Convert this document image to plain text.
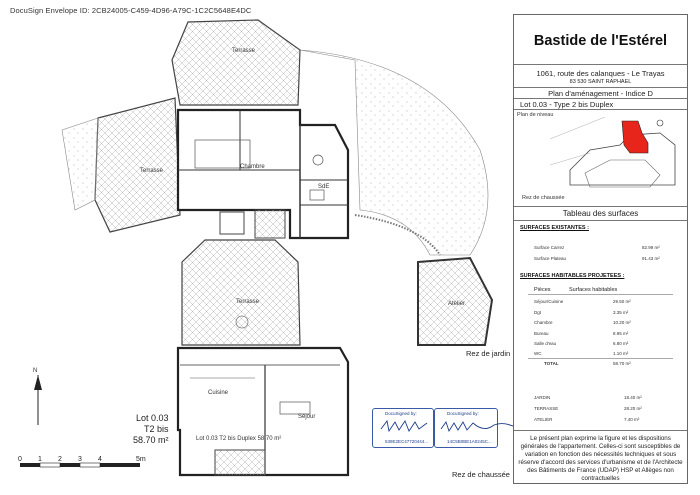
DocuSign Envelope ID: 2CB24005-C459-4D96-A79C-1C2C5648E4DC
Terrasse
Terrasse
Chambre
SdE
Terrasse	Atelier
Cuisine
Séjour
Lot 0.03 T2 bis Duplex 58.70 m²
N
0 1 2 3 4	5m
Lot 0.03
T2 bis
58.70 m²
Rez de jardin
Rez de chaussée
DocuSigned by:
539E2EC47720444...
DocuSigned by:
14C5B0BE1A0245C...
Bastide de l'Estérel
1061, route des calanques - Le Trayas
83 530 SAINT RAPHAEL
Plan d'aménagement - Indice D
Lot 0.03 - Type 2 bis Duplex
Plan de niveau
Rez de chaussée
Tableau des surfaces
SURFACES EXISTANTES :
Surface Carrez	82.99 m²
Surface Plateau	91.43 m²
SURFACES HABITABLES PROJETEES :
Pièces	Surfaces habitables
Séjour/Cuisine	29.50 m²
Dgt	3.35 m²
Chambre	10.20 m²
Bureau	8.95 m²
Salle d'eau	6.80 m²
WC	1.10 m²
TOTAL	58.70 m²
JARDIN	18.40 m²
TERRASSE	28.20 m²
ATELIER	7.40 m²
Le présent plan exprime la figure et les dispositions générales de l'appartement. Celles-ci sont susceptibles de variation en fonction des nécessités techniques et sous réserve d'accord des services d'urbanisme et de l'Architecte des Bâtiments de France (UDAP) HSP et Allèges non contractuelles
